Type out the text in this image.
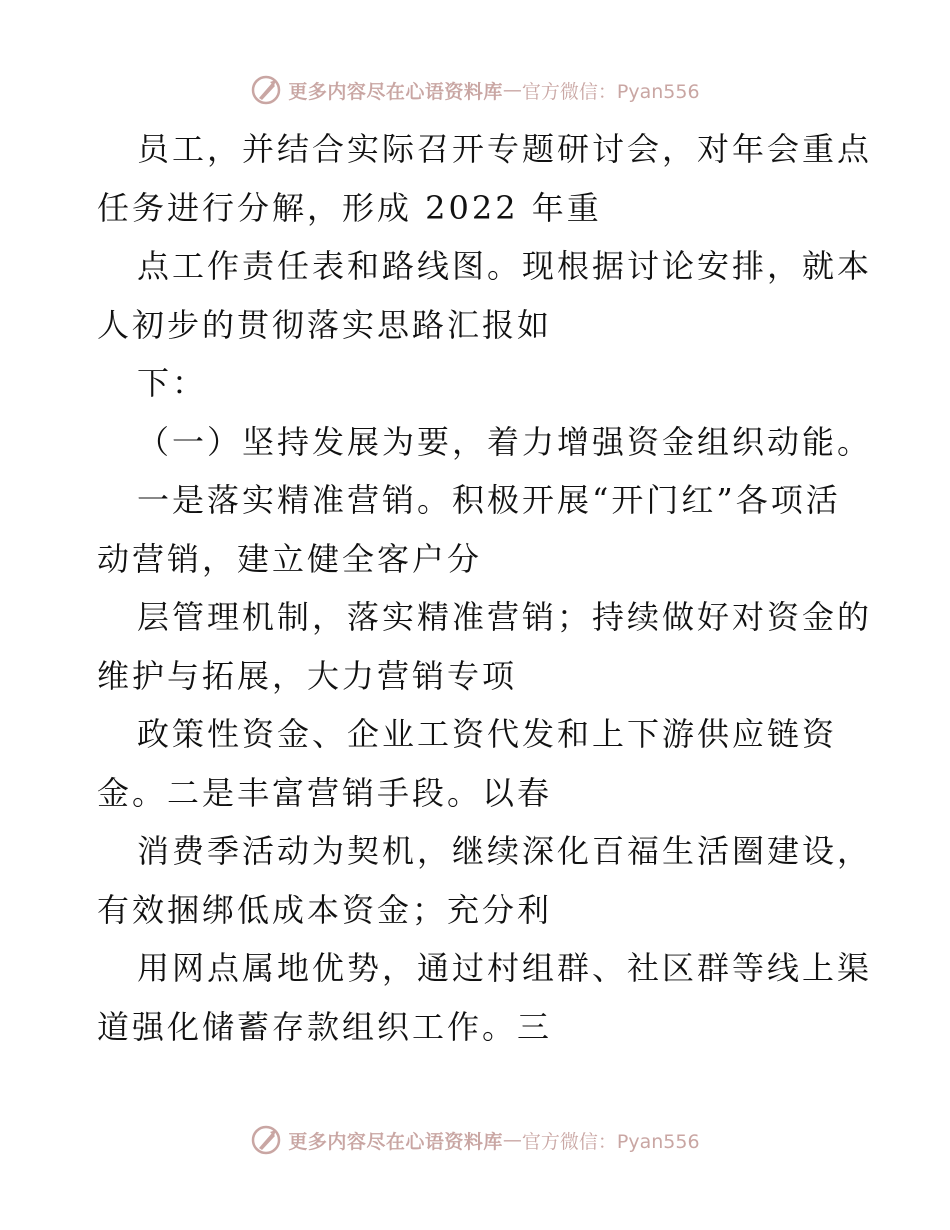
更多内容尽在心语资料库 — 官方微信：Pyan556
员工，并结合实际召开专题研讨会，对年会重点
任务进行分解，形成 2022 年重
点工作责任表和路线图。现根据讨论安排，就本
人初步的贯彻落实思路汇报如
下：
（一）坚持发展为要，着力增强资金组织动能。
一是落实精准营销。积极开展“开门红”各项活
动营销，建立健全客户分
层管理机制，落实精准营销；持续做好对资金的
维护与拓展，大力营销专项
政策性资金、企业工资代发和上下游供应链资
金。二是丰富营销手段。以春
消费季活动为契机，继续深化百福生活圈建设，
有效捆绑低成本资金；充分利
用网点属地优势，通过村组群、社区群等线上渠
道强化储蓄存款组织工作。三
更多内容尽在心语资料库 — 官方微信：Pyan556
